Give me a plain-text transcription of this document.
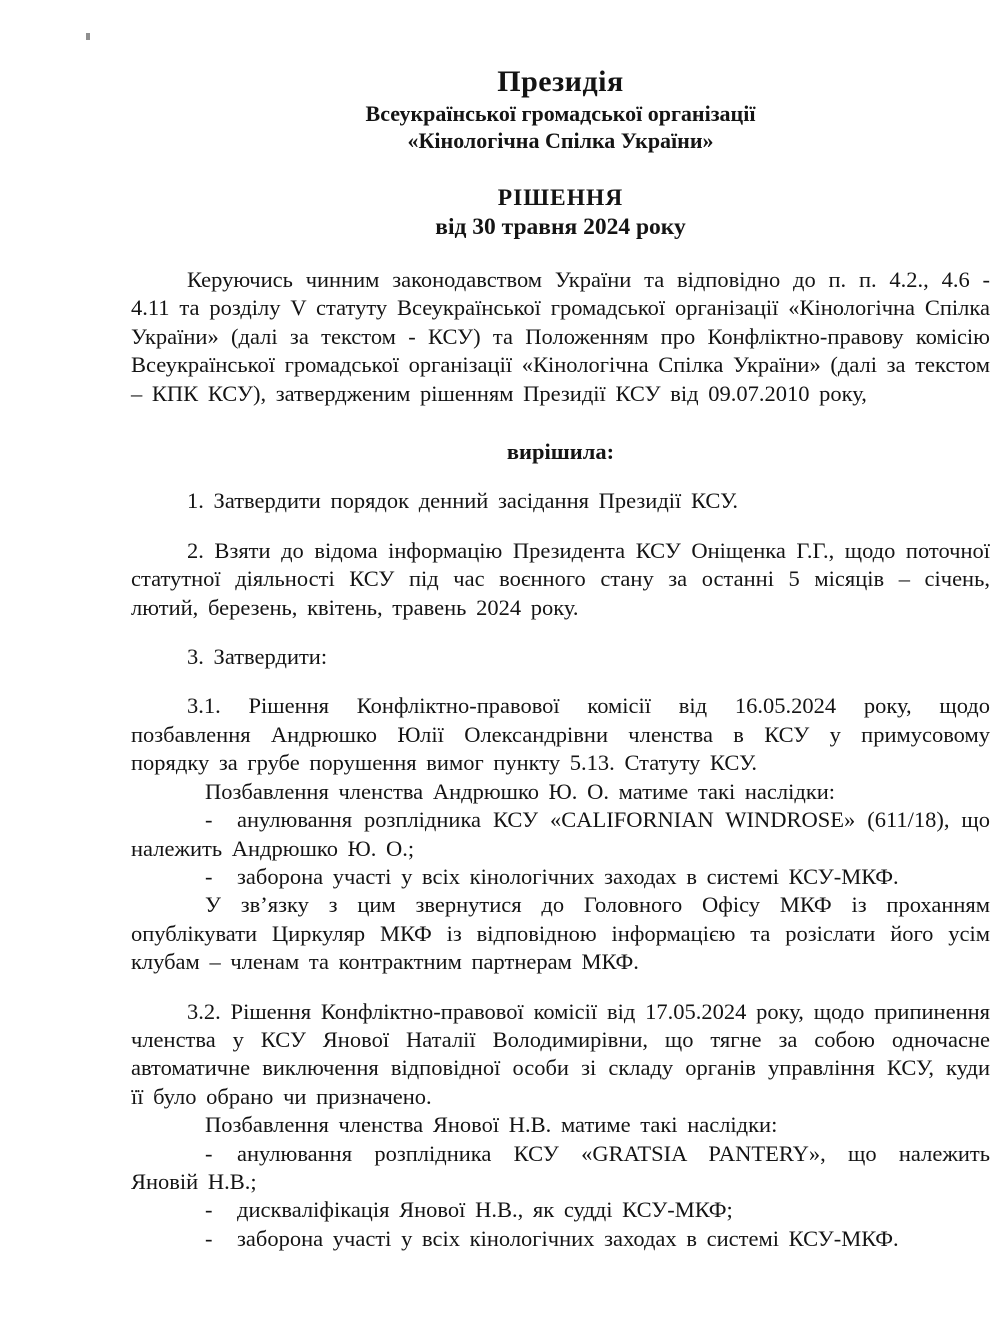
Президія
Всеукраїнської громадської організації
«Кінологічна Спілка України»
РІШЕННЯ
від 30 травня 2024 року

Керуючись чинним законодавством України та відповідно до п. п. 4.2., 4.6 - 4.11 та розділу V статуту Всеукраїнської громадської організації «Кінологічна Спілка України» (далі за текстом - КСУ) та Положенням про Конфліктно-правову комісію Всеукраїнської громадської організації «Кінологічна Спілка України» (далі за текстом – КПК КСУ), затвердженим рішенням Президії КСУ від 09.07.2010 року,

вирішила:

1. Затвердити порядок денний засідання Президії КСУ.

2. Взяти до відома інформацію Президента КСУ Оніщенка Г.Г., щодо поточної статутної діяльності КСУ під час воєнного стану за останні 5 місяців – січень, лютий, березень, квітень, травень 2024 року.

3. Затвердити:

3.1. Рішення Конфліктно-правової комісії від 16.05.2024 року, щодо позбавлення Андрюшко Юлії Олександрівни членства в КСУ у примусовому порядку за грубе порушення вимог пункту 5.13. Статуту КСУ.

Позбавлення членства Андрюшко Ю. О. матиме такі наслідки:

- анулювання розплідника КСУ «CALIFORNIAN WINDROSE» (611/18), що належить Андрюшко Ю. О.;

- заборона участі у всіх кінологічних заходах в системі КСУ-МКФ.

У зв’язку з цим звернутися до Головного Офісу МКФ із проханням опублікувати Циркуляр МКФ із відповідною інформацією та розіслати його усім клубам – членам та контрактним партнерам МКФ.

3.2. Рішення Конфліктно-правової комісії від 17.05.2024 року, щодо припинення членства у КСУ Янової Наталії Володимирівни, що тягне за собою одночасне автоматичне виключення відповідної особи зі складу органів управління КСУ, куди її було обрано чи призначено.

Позбавлення членства Янової Н.В. матиме такі наслідки:

- анулювання розплідника КСУ «GRATSIA PANTERY», що належить Яновій Н.В.;

- дискваліфікація Янової Н.В., як судді КСУ-МКФ;

- заборона участі у всіх кінологічних заходах в системі КСУ-МКФ.
